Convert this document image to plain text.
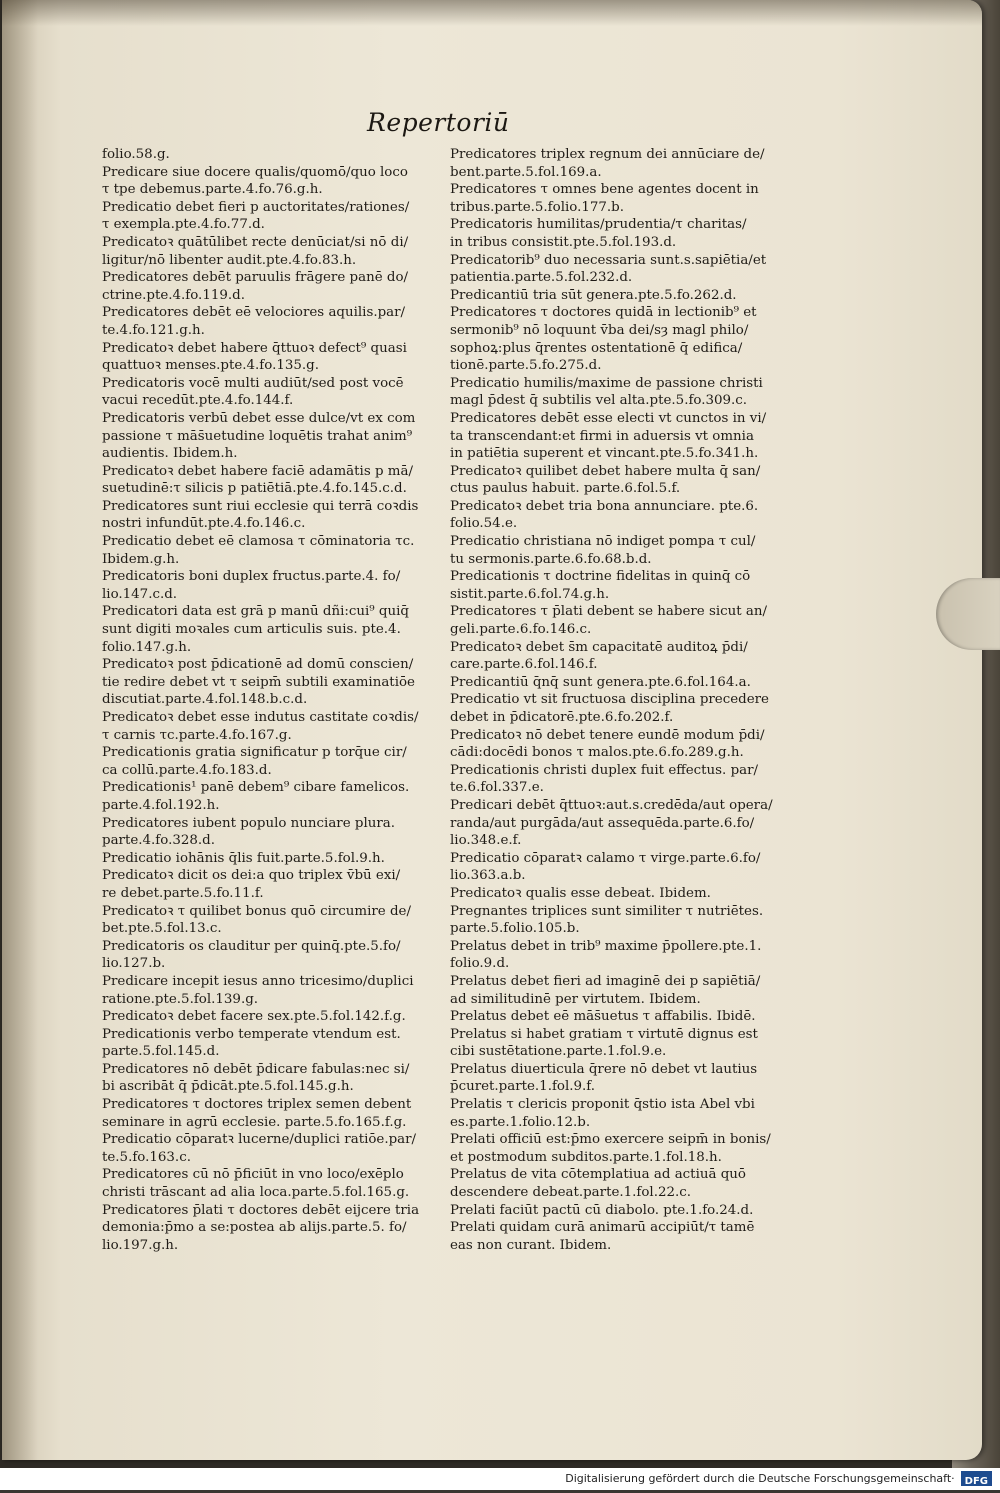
Repertoriū
folio.58.g.
Predicare siue docere qualis/quomō/quo loco
τ tpe debemus.parte.4.fo.76.g.h.
Predicatio debet fieri p auctoritates/rationes/
τ exempla.pte.4.fo.77.d.
Predicatoꝛ quātūlibet recte denūciat/si nō di/
ligitur/nō libenter audit.pte.4.fo.83.h.
Predicatores debēt paruulis frāgere panē do/
ctrine.pte.4.fo.119.d.
Predicatores debēt eē velociores aquilis.par/
te.4.fo.121.g.h.
Predicatoꝛ debet habere q̄ttuoꝛ defect⁹ quasi
quattuoꝛ menses.pte.4.fo.135.g.
Predicatoris vocē multi audiūt/sed post vocē
vacui recedūt.pte.4.fo.144.f.
Predicatoris verbū debet esse dulce/vt ex com
passione τ mās̄uetudine loquētis trahat anim⁹
audientis. Ibidem.h.
Predicatoꝛ debet habere faciē adamātis p mā/
suetudinē:τ silicis p patiētiā.pte.4.fo.145.c.d.
Predicatores sunt riui ecclesie qui terrā coꝛdis
nostri infundūt.pte.4.fo.146.c.
Predicatio debet eē clamosa τ cōminatoria τc.
Ibidem.g.h.
Predicatoris boni duplex fructus.parte.4. fo/
lio.147.c.d.
Predicatori data est grā p manū dñi:cui⁹ quiq̄
sunt digiti moꝛales cum articulis suis. pte.4.
folio.147.g.h.
Predicatoꝛ post p̄dicationē ad domū conscien/
tie redire debet vt τ seipm̄ subtili examinatiōe
discutiat.parte.4.fol.148.b.c.d.
Predicatoꝛ debet esse indutus castitate coꝛdis/
τ carnis τc.parte.4.fo.167.g.
Predicationis gratia significatur p torq̄ue cir/
ca collū.parte.4.fo.183.d.
Predicationis¹ panē debem⁹ cibare famelicos.
parte.4.fol.192.h.
Predicatores iubent populo nunciare plura.
parte.4.fo.328.d.
Predicatio iohānis q̄lis fuit.parte.5.fol.9.h.
Predicatoꝛ dicit os dei:a quo triplex v̄bū exi/
re debet.parte.5.fo.11.f.
Predicatoꝛ τ quilibet bonus quō circumire de/
bet.pte.5.fol.13.c.
Predicatoris os clauditur per quinq̄.pte.5.fo/
lio.127.b.
Predicare incepit iesus anno tricesimo/duplici
ratione.pte.5.fol.139.g.
Predicatoꝛ debet facere sex.pte.5.fol.142.f.g.
Predicationis verbo temperate vtendum est.
parte.5.fol.145.d.
Predicatores nō debēt p̄dicare fabulas:nec si/
bi ascribāt q̄ p̄dicāt.pte.5.fol.145.g.h.
Predicatores τ doctores triplex semen debent
seminare in agrū ecclesie. parte.5.fo.165.f.g.
Predicatio cōparatꝛ lucerne/duplici ratiōe.par/
te.5.fo.163.c.
Predicatores cū nō p̄ficiūt in vno loco/exēplo
christi trāscant ad alia loca.parte.5.fol.165.g.
Predicatores p̄lati τ doctores debēt eijcere tria
demonia:p̄mo a se:postea ab alijs.parte.5. fo/
lio.197.g.h.
Predicatores triplex regnum dei annūciare de/
bent.parte.5.fol.169.a.
Predicatores τ omnes bene agentes docent in
tribus.parte.5.folio.177.b.
Predicatoris humilitas/prudentia/τ charitas/
in tribus consistit.pte.5.fol.193.d.
Predicatorib⁹ duo necessaria sunt.s.sapiētia/et
patientia.parte.5.fol.232.d.
Predicantiū tria sūt genera.pte.5.fo.262.d.
Predicatores τ doctores quidā in lectionib⁹ et
sermonib⁹ nō loquunt v̄ba dei/sȝ magl philo/
sophoꝝ:plus q̄rentes ostentationē q̄ edifica/
tionē.parte.5.fo.275.d.
Predicatio humilis/maxime de passione christi
magl p̄dest q̄ subtilis vel alta.pte.5.fo.309.c.
Predicatores debēt esse electi vt cunctos in vi/
ta transcendant:et firmi in aduersis vt omnia
in patiētia superent et vincant.pte.5.fo.341.h.
Predicatoꝛ quilibet debet habere multa q̄ san/
ctus paulus habuit. parte.6.fol.5.f.
Predicatoꝛ debet tria bona annunciare. pte.6.
folio.54.e.
Predicatio christiana nō indiget pompa τ cul/
tu sermonis.parte.6.fo.68.b.d.
Predicationis τ doctrine fidelitas in quinq̄ cō
sistit.parte.6.fol.74.g.h.
Predicatores τ p̄lati debent se habere sicut an/
geli.parte.6.fo.146.c.
Predicatoꝛ debet s̄m capacitatē auditoꝝ p̄di/
care.parte.6.fol.146.f.
Predicantiū q̄nq̄ sunt genera.pte.6.fol.164.a.
Predicatio vt sit fructuosa disciplina precedere
debet in p̄dicatorē.pte.6.fo.202.f.
Predicatoꝛ nō debet tenere eundē modum p̄di/
cādi:docēdi bonos τ malos.pte.6.fo.289.g.h.
Predicationis christi duplex fuit effectus. par/
te.6.fol.337.e.
Predicari debēt q̄ttuoꝛ:aut.s.credēda/aut opera/
randa/aut purgāda/aut assequēda.parte.6.fo/
lio.348.e.f.
Predicatio cōparatꝛ calamo τ virge.parte.6.fo/
lio.363.a.b.
Predicatoꝛ qualis esse debeat. Ibidem.
Pregnantes triplices sunt similiter τ nutriētes.
parte.5.folio.105.b.
Prelatus debet in trib⁹ maxime p̄pollere.pte.1.
folio.9.d.
Prelatus debet fieri ad imaginē dei p sapiētiā/
ad similitudinē per virtutem. Ibidem.
Prelatus debet eē mās̄uetus τ affabilis. Ibidē.
Prelatus si habet gratiam τ virtutē dignus est
cibi sustētatione.parte.1.fol.9.e.
Prelatus diuerticula q̄rere nō debet vt lautius
p̄curet.parte.1.fol.9.f.
Prelatis τ clericis proponit q̄stio ista Abel vbi
es.parte.1.folio.12.b.
Prelati officiū est:p̄mo exercere seipm̄ in bonis/
et postmodum subditos.parte.1.fol.18.h.
Prelatus de vita cōtemplatiua ad actiuā quō
descendere debeat.parte.1.fol.22.c.
Prelati faciūt pactū cū diabolo. pte.1.fo.24.d.
Prelati quidam curā animarū accipiūt/τ tamē
eas non curant. Ibidem.
Digitalisierung gefördert durch die Deutsche Forschungsgemeinschaft·DFG
